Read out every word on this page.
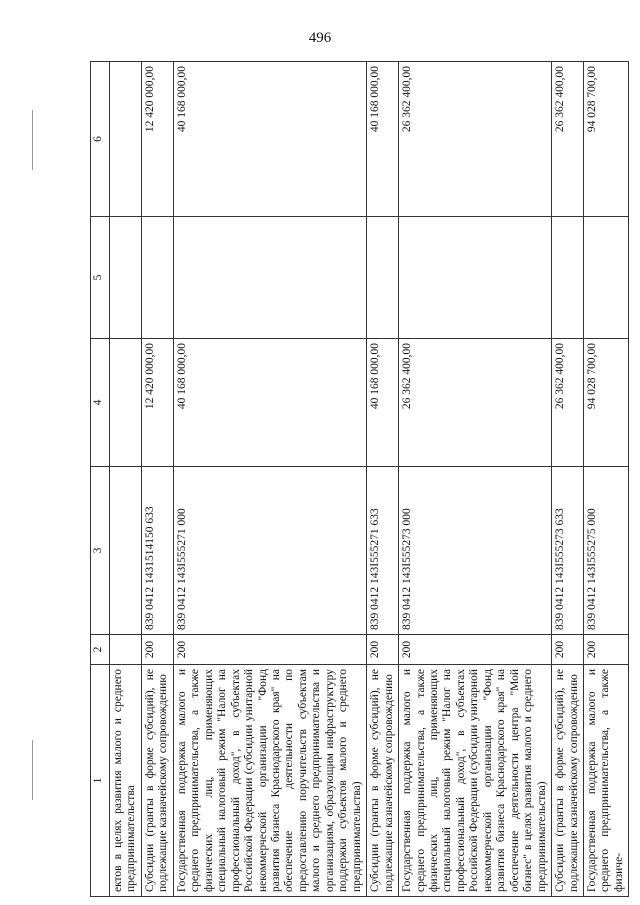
496
1	2	3	4	5	6
ектов в целях развития малого и среднего предпринимательства					
Субсидии (гранты в форме субсидий), не подлежащие казначейскому сопровождению	200	839 0412 1431514150 633	12 420 000,00		12 420 000,00
Государственная поддержка малого и среднего предпринимательства, а также физических лиц, применяющих специальный налоговый режим "Налог на профессиональный доход", в субъектах Российской Федерации (субсидии унитарной некоммерческой организации "Фонд развития бизнеса Краснодарского края" на обеспечение деятельности по предоставлению поручительств субъектам малого и среднего предпринимательства и организациям, образующим инфраструктуру поддержки субъектов малого и среднего предпринимательства)	200	839 0412 143I555271 000	40 168 000,00		40 168 000,00
Субсидии (гранты в форме субсидий), не подлежащие казначейскому сопровождению	200	839 0412 143I555271 633	40 168 000,00		40 168 000,00
Государственная поддержка малого и среднего предпринимательства, а также физических лиц, применяющих специальный налоговый режим "Налог на профессиональный доход", в субъектах Российской Федерации (субсидии унитарной некоммерческой организации "Фонд развития бизнеса Краснодарского края" на обеспечение деятельности центра "Мой бизнес" в целях развития малого и среднего предпринимательства)	200	839 0412 143I555273 000	26 362 400,00		26 362 400,00
Субсидии (гранты в форме субсидий), не подлежащие казначейскому сопровождению	200	839 0412 143I555273 633	26 362 400,00		26 362 400,00
Государственная поддержка малого и среднего предпринимательства, а также физиче-	200	839 0412 143I555275 000	94 028 700,00		94 028 700,00
